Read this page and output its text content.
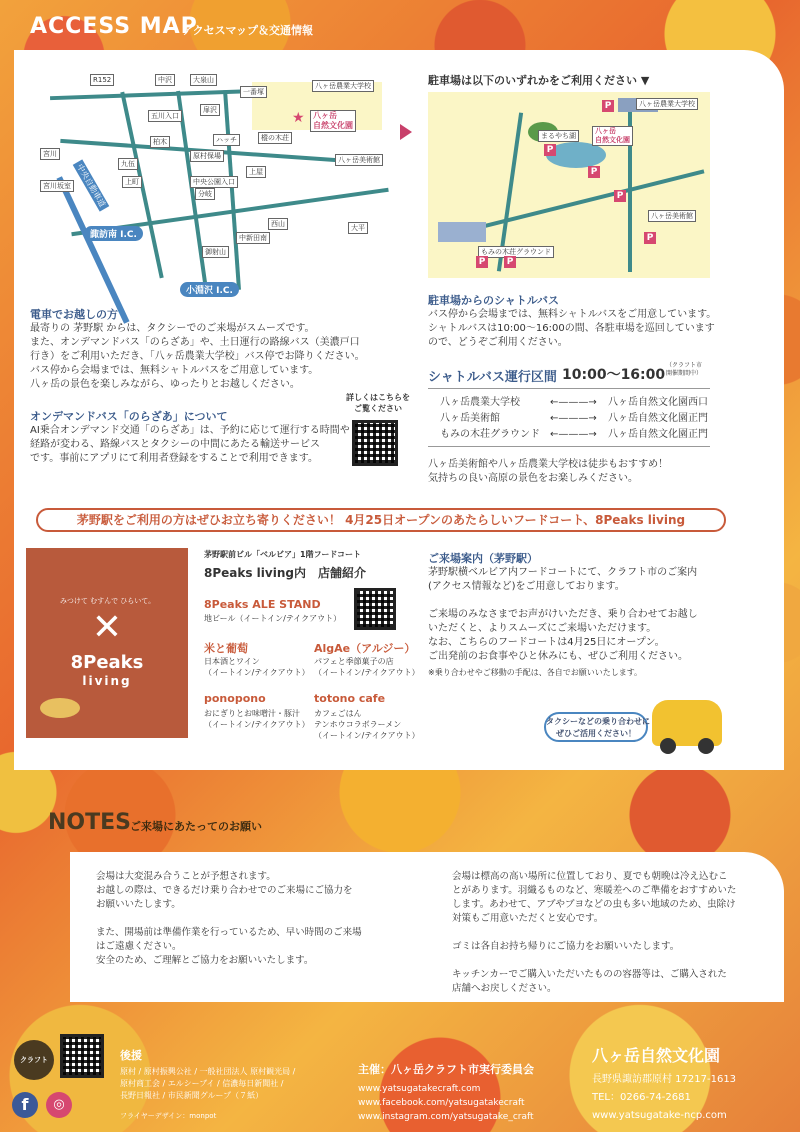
ACCESS MAP
アクセスマップ＆交通情報
R152	中沢	大泉山
一番塚
五川入口
扉沢
柏木
宮川
宮川坂室
九伍
上町
原村保場
ハッチ
中央公園入口
分岐
上屋
西山
中新田南
御射山
大平
樅の木荘
八ヶ岳農業大学校
八ヶ岳
自然文化園
八ヶ岳美術館
★
中央自動車道
諏訪南 I.C.
小淵沢 I.C.
駐車場は以下のいずれかをご利用ください ▼
八ヶ岳農業大学校
八ヶ岳
自然文化園
まるやち湖
八ヶ岳美術館
もみの木荘グラウンド
P
P
P
P
P
P	P
駐車場からのシャトルバス
バス停から会場までは、無料シャトルバスをご用意しています。
シャトルバスは10:00〜16:00の間、各駐車場を巡回しています
ので、どうぞご利用ください。
シャトルバス運行区間 10:00〜16:00
（クラフト市
開催期間中）
八ヶ岳農業大学校	←———→ 八ヶ岳自然文化園西口
八ヶ岳美術館	←———→ 八ヶ岳自然文化園正門
もみの木荘グラウンド ←———→ 八ヶ岳自然文化園正門
八ヶ岳美術館や八ヶ岳農業大学校は徒歩もおすすめ！
気持ちの良い高原の景色をお楽しみください。
電車でお越しの方
最寄りの 茅野駅 からは、タクシーでのご来場がスムーズです。
また、オンデマンドバス「のらざあ」や、土日運行の路線バス（美濃戸口
行き）をご利用いただき、「八ヶ岳農業大学校」バス停でお降りください。
バス停から会場までは、無料シャトルバスをご用意しています。
八ヶ岳の景色を楽しみながら、ゆったりとお越しください。
オンデマンドバス「のらざあ」について
AI乗合オンデマンド交通「のらざあ」は、予約に応じて運行する時間や
経路が変わる、路線バスとタクシーの中間にあたる輸送サービス
です。事前にアプリにて利用者登録をすることで利用できます。
詳しくはこちらを
ご覧ください
茅野駅をご利用の方はぜひお立ち寄りください！ 4月25日オープンのあたらしいフードコート、8Peaks living
みつけて むすんで ひらいて。
✕
8Peaks
living
茅野駅前ビル「ベルビア」1階フードコート
8Peaks living内　店舗紹介
8Peaks ALE STAND
地ビール（イートイン/テイクアウト）
米と葡萄
日本酒とワイン
（イートイン/テイクアウト）
AlgAe（アルジー）
パフェと季節菓子の店
（イートイン/テイクアウト）
ponopono
おにぎりとお味噌汁・豚汁
（イートイン/テイクアウト）
totono cafe
カフェごはん
テンホウコラボラーメン
（イートイン/テイクアウト）
ご来場案内（茅野駅）
茅野駅横ベルビア内フードコートにて、クラフト市のご案内
(アクセス情報など)をご用意しております。

ご来場のみなさまでお声がけいただき、乗り合わせてお越し
いただくと、よりスムーズにご来場いただけます。
なお、こちらのフードコートは4月25日にオープン。
ご出発前のお食事やひと休みにも、ぜひご利用ください。
※乗り合わせやご移動の手配は、各自でお願いいたします。
タクシーなどの乗り合わせに
ぜひご活用ください！
NOTES ご来場にあたってのお願い
会場は大変混み合うことが予想されます。
お越しの際は、できるだけ乗り合わせでのご来場にご協力を
お願いいたします。

また、開場前は準備作業を行っているため、早い時間のご来場
はご遠慮ください。
安全のため、ご理解とご協力をお願いいたします。
会場は標高の高い場所に位置しており、夏でも朝晩は冷え込むこ
とがあります。羽織るものなど、寒暖差へのご準備をおすすめいた
します。あわせて、アブやブヨなどの虫も多い地域のため、虫除け
対策もご用意いただくと安心です。

ゴミは各自お持ち帰りにご協力をお願いいたします。

キッチンカーでご購入いただいたものの容器等は、ご購入された
店舗へお戻しください。
クラフト
f	◎
後援
原村 / 原村振興公社 / 一般社団法人 原村観光局 /
原村商工会 / エルシーブイ / 信濃毎日新聞社 /
長野日報社 / 市民新聞グループ（７紙）
フライヤーデザイン：monpot
主催：八ヶ岳クラフト市実行委員会
www.yatsugatakecraft.com
www.facebook.com/yatsugatakecraft
www.instagram.com/yatsugatake_craft
八ヶ岳自然文化園
長野県諏訪郡原村 17217-1613
TEL：0266-74-2681
www.yatsugatake-ncp.com
